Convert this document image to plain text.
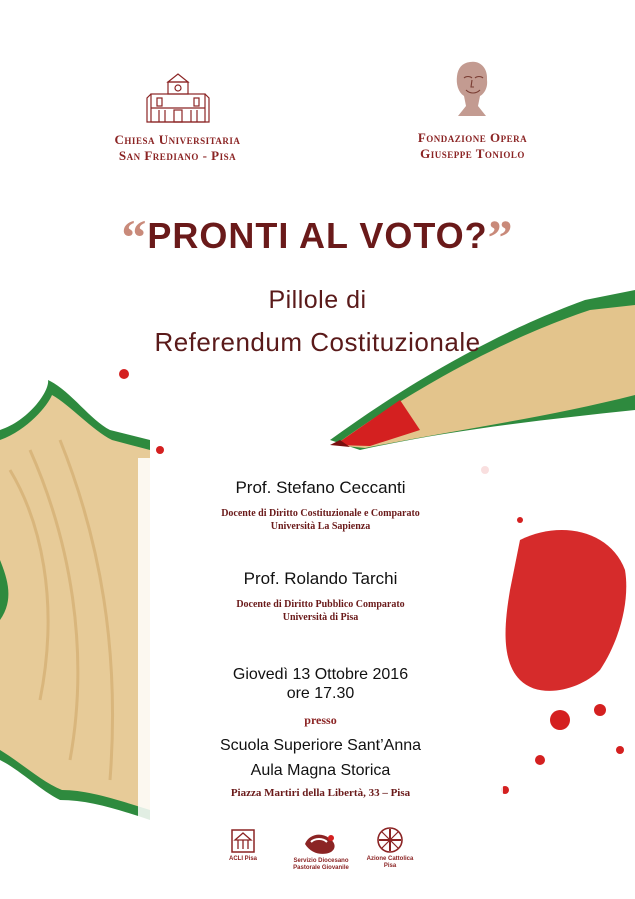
Chiesa Universitaria
San Frediano - Pisa
Fondazione Opera
Giuseppe Toniolo
“PRONTI AL VOTO?”
Pillole di
Referendum Costituzionale
Prof. Stefano Ceccanti
Docente di Diritto Costituzionale e Comparato
Università La Sapienza
Prof. Rolando Tarchi
Docente di Diritto Pubblico Comparato
Università di Pisa
Giovedì 13 Ottobre 2016
ore 17.30
presso
Scuola Superiore Sant’Anna
Aula Magna Storica
Piazza Martiri della Libertà, 33 – Pisa
ACLI Pisa	Servizio Diocesano
Pastorale Giovanile
Azione Cattolica
Pisa
